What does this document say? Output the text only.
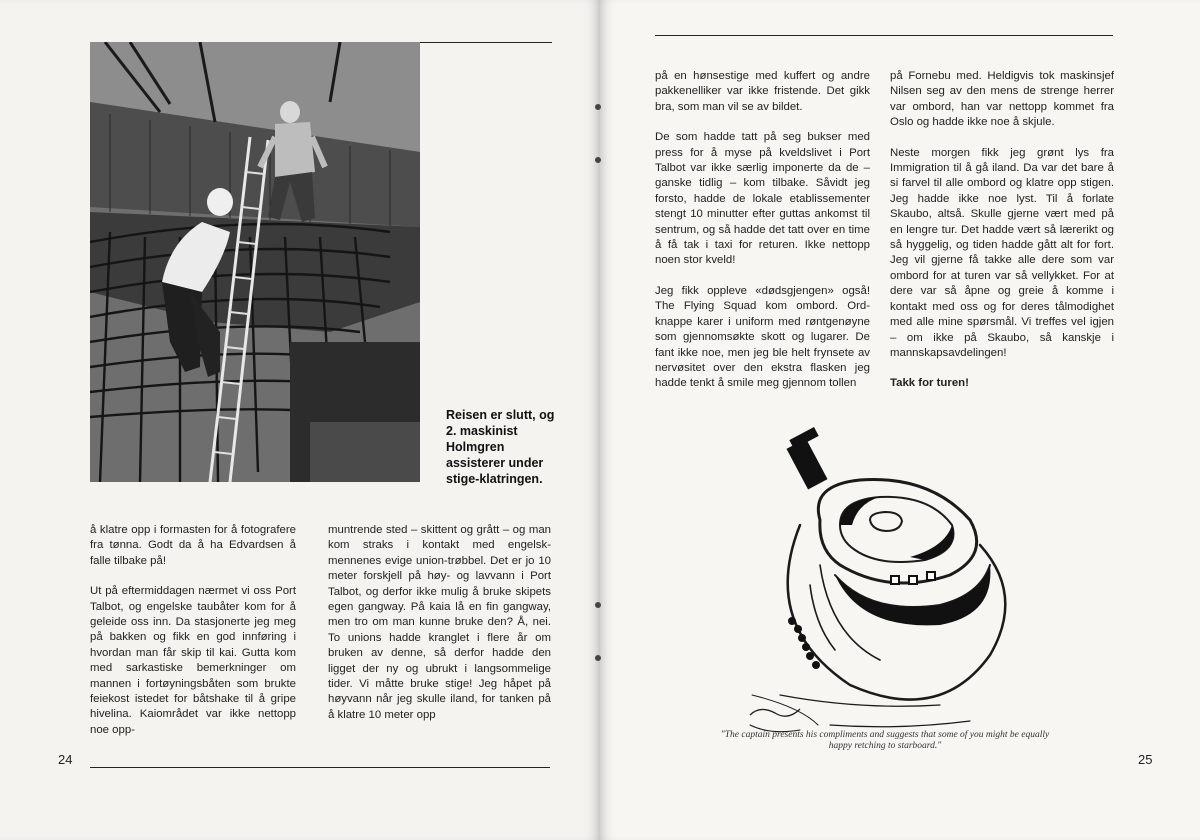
Reisen er slutt, og 2. maskinist Holmgren assisterer under stige-klatringen.

å klatre opp i formasten for å fotografere fra tønna. Godt da å ha Edvardsen å falle tilbake på!

Ut på eftermiddagen nærmet vi oss Port Talbot, og engelske taubåter kom for å geleide oss inn. Da stasjonerte jeg meg på bakken og fikk en god innføring i hvordan man får skip til kai. Gutta kom med sarkastiske bemerkninger om mannen i fortøyningsbåten som brukte feiekost istedet for båtshake til å gripe hivelina. Kaiområdet var ikke nettopp noe opp-

muntrende sted – skittent og grått – og man kom straks i kontakt med engelsk-mennenes evige union-trøbbel. Det er jo 10 meter forskjell på høy- og lavvann i Port Talbot, og derfor ikke mulig å bruke skipets egen gangway. På kaia lå en fin gangway, men tro om man kunne bruke den? Å, nei. To unions hadde kranglet i flere år om bruken av denne, så derfor hadde den ligget der ny og ubrukt i langsommelige tider. Vi måtte bruke stige! Jeg håpet på høyvann når jeg skulle iland, for tanken på å klatre 10 meter opp

24

på en hønsestige med kuffert og andre pakkenelliker var ikke fristende. Det gikk bra, som man vil se av bildet.

De som hadde tatt på seg bukser med press for å myse på kveldslivet i Port Talbot var ikke særlig imponerte da de – ganske tidlig – kom tilbake. Såvidt jeg forsto, hadde de lokale etablissementer stengt 10 minutter efter guttas ankomst til sentrum, og så hadde det tatt over en time å få tak i taxi for returen. Ikke nettopp noen stor kveld!

Jeg fikk oppleve «dødsgjengen» også! The Flying Squad kom ombord. Ord-knappe karer i uniform med røntgenøyne som gjennomsøkte skott og lugarer. De fant ikke noe, men jeg ble helt frynsete av nervøsitet over den ekstra flasken jeg hadde tenkt å smile meg gjennom tollen

på Fornebu med. Heldigvis tok maskinsjef Nilsen seg av den mens de strenge herrer var ombord, han var nettopp kommet fra Oslo og hadde ikke noe å skjule.

Neste morgen fikk jeg grønt lys fra Immigration til å gå iland. Da var det bare å si farvel til alle ombord og klatre opp stigen. Jeg hadde ikke noe lyst. Til å forlate Skaubo, altså. Skulle gjerne vært med på en lengre tur. Det hadde vært så lærerikt og så hyggelig, og tiden hadde gått alt for fort. Jeg vil gjerne få takke alle dere som var ombord for at turen var så vellykket. For at dere var så åpne og greie å komme i kontakt med oss og for deres tålmodighet med alle mine spørsmål. Vi treffes vel igjen – om ikke på Skaubo, så kanskje i mannskapsavdelingen!

Takk for turen!

25
"The captain presents his compliments and suggests that some of you might be equally happy retching to starboard."
